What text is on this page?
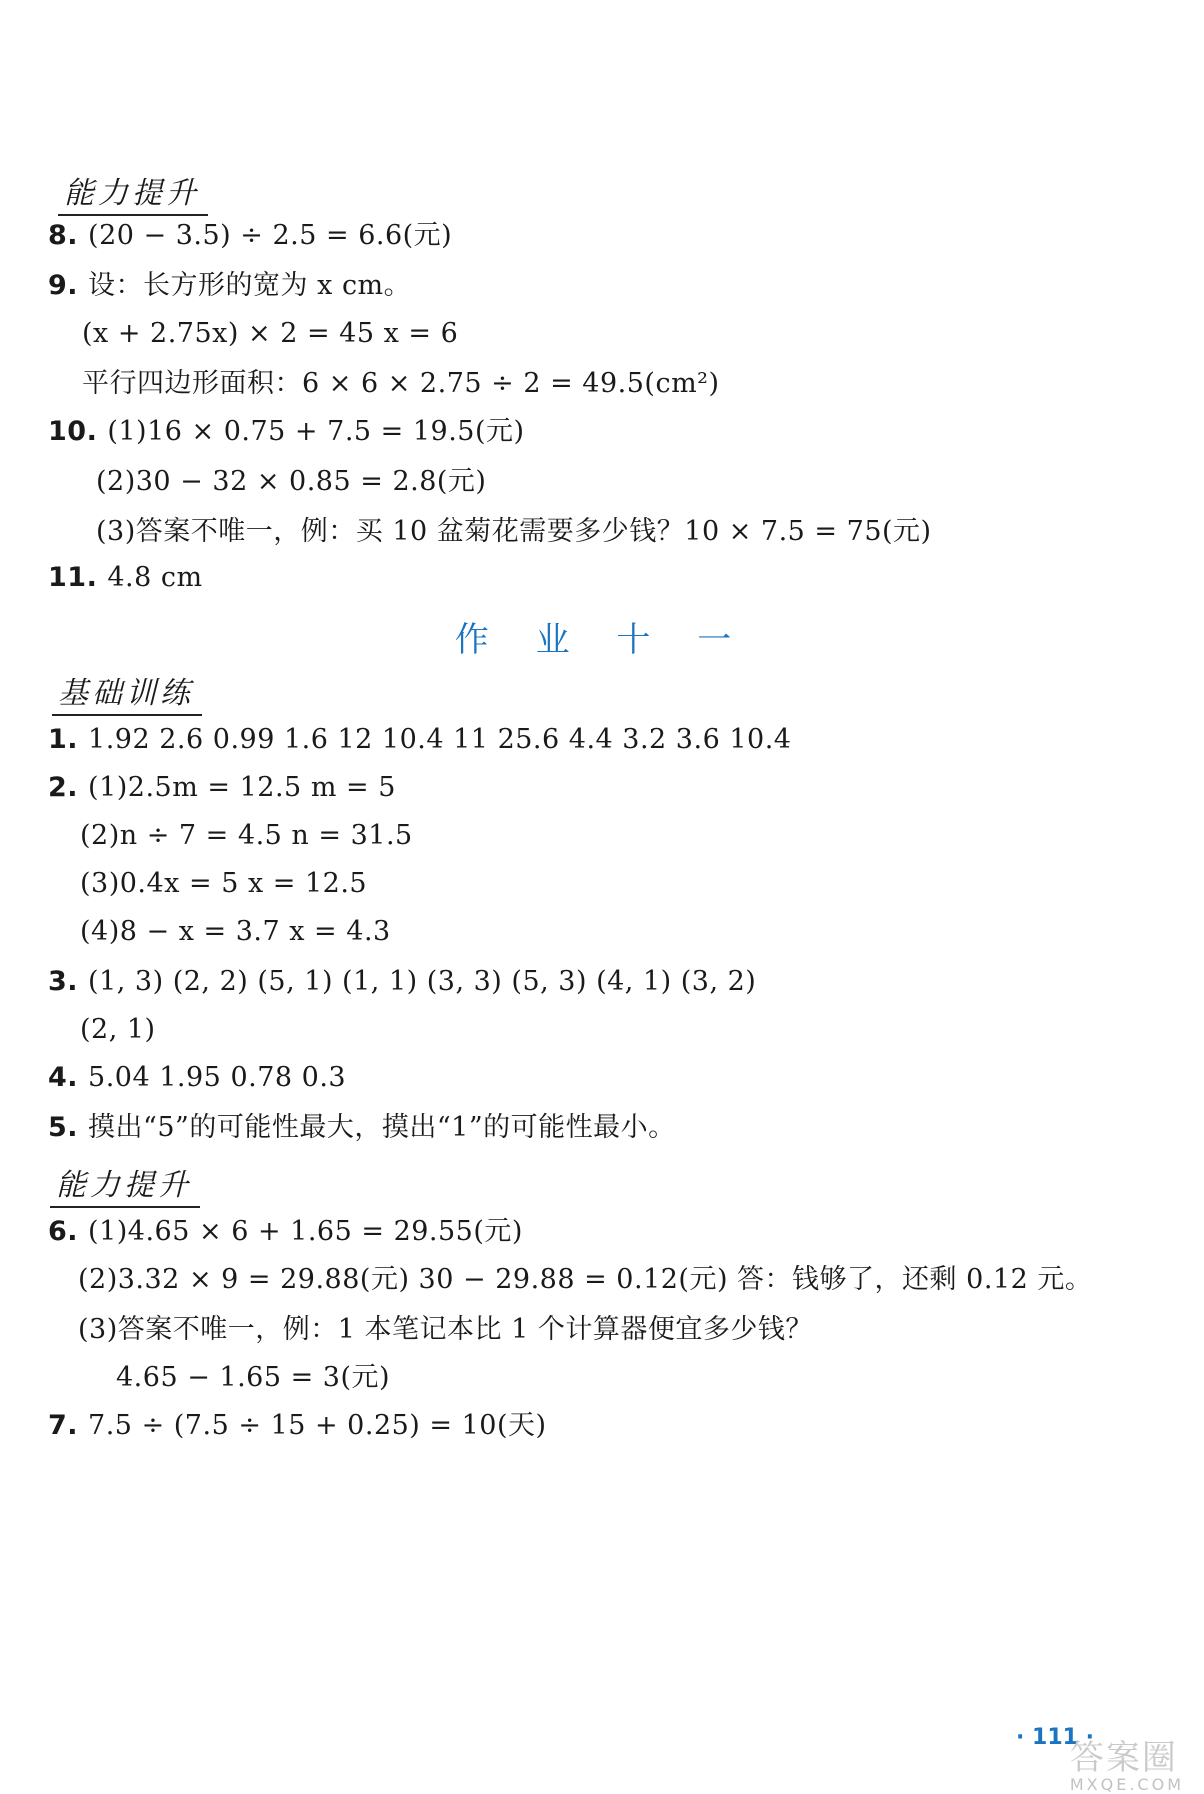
能力提升
8. (20 − 3.5) ÷ 2.5 = 6.6(元)
9. 设：长方形的宽为 x cm。
(x + 2.75x) × 2 = 45 x = 6
平行四边形面积：6 × 6 × 2.75 ÷ 2 = 49.5(cm²)
10. (1)16 × 0.75 + 7.5 = 19.5(元)
(2)30 − 32 × 0.85 = 2.8(元)
(3)答案不唯一，例：买 10 盆菊花需要多少钱？10 × 7.5 = 75(元)
11. 4.8 cm
作 业 十 一
基础训练
1. 1.92 2.6 0.99 1.6 12 10.4 11 25.6 4.4 3.2 3.6 10.4
2. (1)2.5m = 12.5 m = 5
(2)n ÷ 7 = 4.5 n = 31.5
(3)0.4x = 5 x = 12.5
(4)8 − x = 3.7 x = 4.3
3. (1, 3) (2, 2) (5, 1) (1, 1) (3, 3) (5, 3) (4, 1) (3, 2)
(2, 1)
4. 5.04 1.95 0.78 0.3
5. 摸出“5”的可能性最大，摸出“1”的可能性最小。
能力提升
6. (1)4.65 × 6 + 1.65 = 29.55(元)
(2)3.32 × 9 = 29.88(元) 30 − 29.88 = 0.12(元) 答：钱够了，还剩 0.12 元。
(3)答案不唯一，例：1 本笔记本比 1 个计算器便宜多少钱？
4.65 − 1.65 = 3(元)
7. 7.5 ÷ (7.5 ÷ 15 + 0.25) = 10(天)
· 111 ·
答案圈
MXQE.COM
